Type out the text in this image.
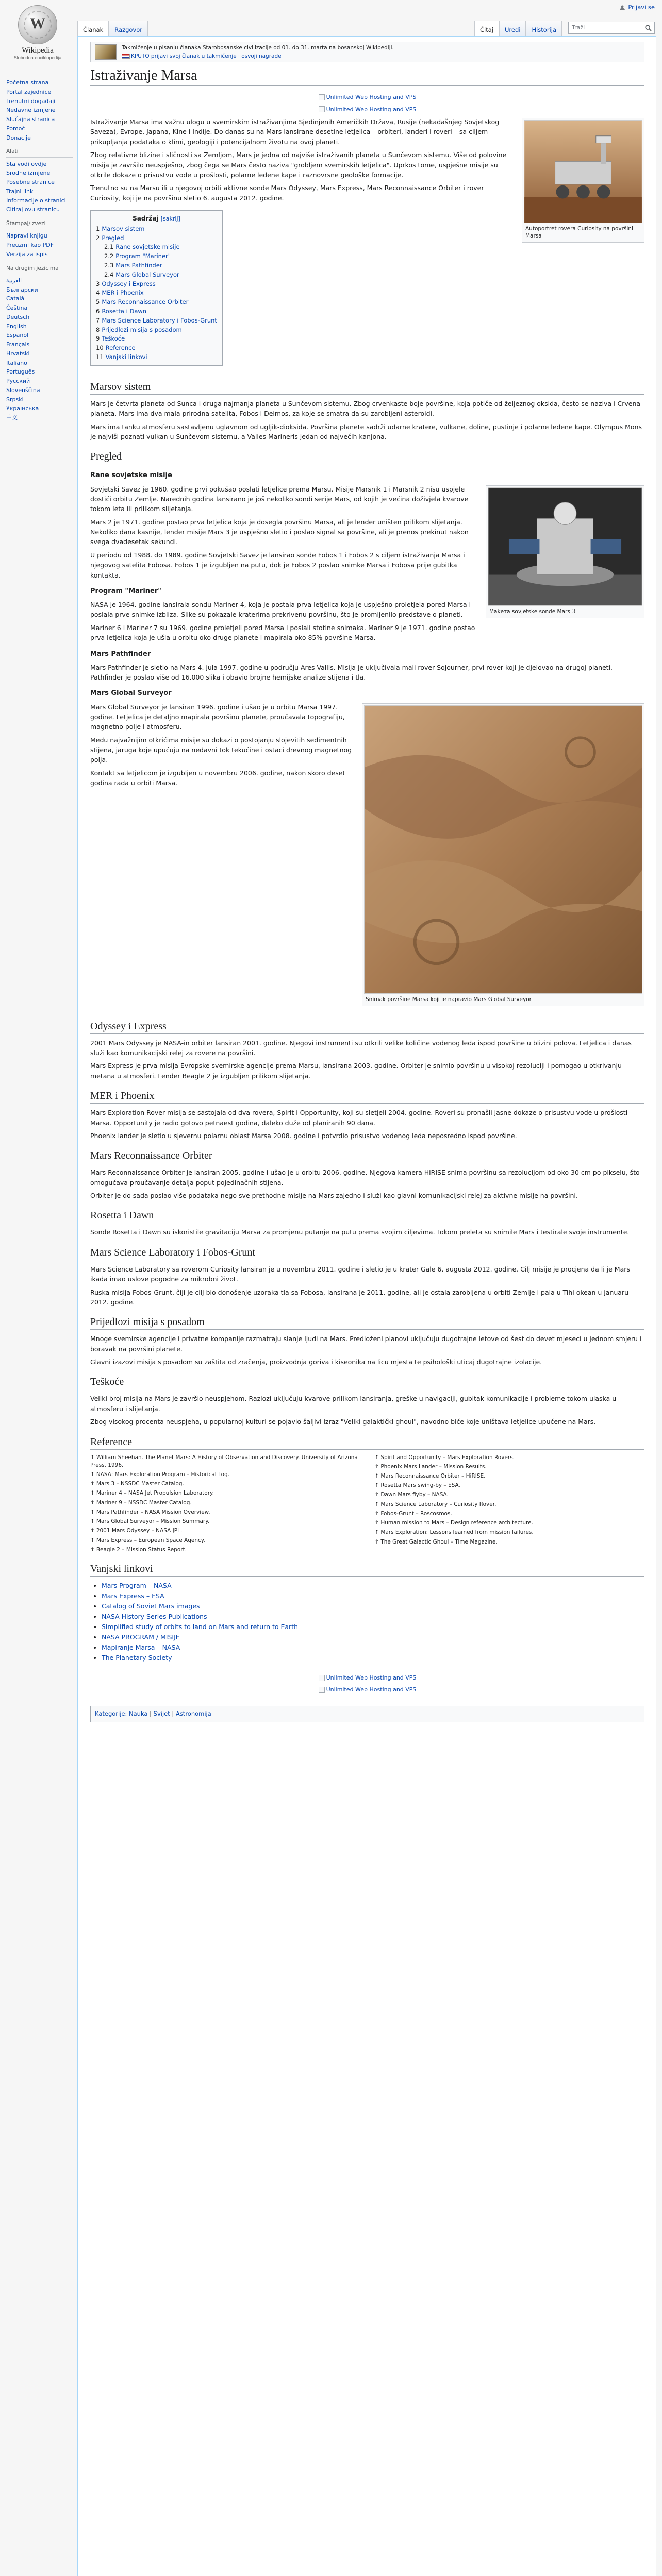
Prijavi se
Članak	Razgovor	Čitaj	Uredi	Historija	Traži
W
Wikipedia
Slobodna enciklopedija
Početna strana
Portal zajednice
Trenutni događaji
Nedavne izmjene
Slučajna stranica
Pomoć
Donacije
Alati
Šta vodi ovdje
Srodne izmjene
Posebne stranice
Trajni link
Informacije o stranici
Citiraj ovu stranicu
Štampaj/izvezi
Napravi knjigu
Preuzmi kao PDF
Verzija za ispis
Na drugim jezicima
العربية
Български
Català
Čeština
Deutsch
English
Español
Français
Hrvatski
Italiano
Português
Русский
Slovenščina
Srpski
Українська
中文
Takmičenje u pisanju članaka Starobosanske civilizacije od 01. do 31. marta na bosanskoj Wikipediji.
KPUTO prijavi svoj članak u takmičenje i osvoji nagrade
Istraživanje Marsa
Unlimited Web Hosting and VPS
Unlimited Web Hosting and VPS
Autoportret rovera Curiosity na površini Marsa

Istraživanje Marsa ima važnu ulogu u svemirskim istraživanjima Sjedinjenih Američkih Država, Rusije (nekadašnjeg Sovjetskog Saveza), Evrope, Japana, Kine i Indije. Do danas su na Mars lansirane desetine letjelica – orbiteri, landeri i roveri – sa ciljem prikupljanja podataka o klimi, geologiji i potencijalnom životu na ovoj planeti.

Zbog relativne blizine i sličnosti sa Zemljom, Mars je jedna od najviše istraživanih planeta u Sunčevom sistemu. Više od polovine misija je završilo neuspješno, zbog čega se Mars često naziva "grobljem svemirskih letjelica". Uprkos tome, uspješne misije su otkrile dokaze o prisustvu vode u prošlosti, polarne ledene kape i raznovrsne geološke formacije.

Trenutno su na Marsu ili u njegovoj orbiti aktivne sonde Mars Odyssey, Mars Express, Mars Reconnaissance Orbiter i rover Curiosity, koji je na površinu sletio 6. augusta 2012. godine.

Sadržaj [sakrij]
1 Marsov sistem
2 Pregled
2.1 Rane sovjetske misije
2.2 Program "Mariner"
2.3 Mars Pathfinder
2.4 Mars Global Surveyor
3 Odyssey i Express
4 MER i Phoenix
5 Mars Reconnaissance Orbiter
6 Rosetta i Dawn
7 Mars Science Laboratory i Fobos-Grunt
8 Prijedlozi misija s posadom
9 Teškoće
10 Reference
11 Vanjski linkovi
Marsov sistem

Mars je četvrta planeta od Sunca i druga najmanja planeta u Sunčevom sistemu. Zbog crvenkaste boje površine, koja potiče od željeznog oksida, često se naziva i Crvena planeta. Mars ima dva mala prirodna satelita, Fobos i Deimos, za koje se smatra da su zarobljeni asteroidi.

Mars ima tanku atmosferu sastavljenu uglavnom od ugljik-dioksida. Površina planete sadrži udarne kratere, vulkane, doline, pustinje i polarne ledene kape. Olympus Mons je najviši poznati vulkan u Sunčevom sistemu, a Valles Marineris jedan od najvećih kanjona.

Pregled
Rane sovjetske misije
Makета sovjetske sonde Mars 3

Sovjetski Savez je 1960. godine prvi pokušao poslati letjelice prema Marsu. Misije Marsnik 1 i Marsnik 2 nisu uspjele dostići orbitu Zemlje. Narednih godina lansirano je još nekoliko sondi serije Mars, od kojih je većina doživjela kvarove tokom leta ili prilikom slijetanja.

Mars 2 je 1971. godine postao prva letjelica koja je dosegla površinu Marsa, ali je lender uništen prilikom slijetanja. Nekoliko dana kasnije, lender misije Mars 3 je uspješno sletio i poslao signal sa površine, ali je prenos prekinut nakon svega dvadesetak sekundi.

U periodu od 1988. do 1989. godine Sovjetski Savez je lansirao sonde Fobos 1 i Fobos 2 s ciljem istraživanja Marsa i njegovog satelita Fobosa. Fobos 1 je izgubljen na putu, dok je Fobos 2 poslao snimke Marsa i Fobosa prije gubitka kontakta.

Program "Mariner"

NASA je 1964. godine lansirala sondu Mariner 4, koja je postala prva letjelica koja je uspješno proletjela pored Marsa i poslala prve snimke izbliza. Slike su pokazale kraterima prekrivenu površinu, što je promijenilo predstave o planeti.

Mariner 6 i Mariner 7 su 1969. godine proletjeli pored Marsa i poslali stotine snimaka. Mariner 9 je 1971. godine postao prva letjelica koja je ušla u orbitu oko druge planete i mapirala oko 85% površine Marsa.

Mars Pathfinder

Mars Pathfinder je sletio na Mars 4. jula 1997. godine u području Ares Vallis. Misija je uključivala mali rover Sojourner, prvi rover koji je djelovao na drugoj planeti. Pathfinder je poslao više od 16.000 slika i obavio brojne hemijske analize stijena i tla.

Mars Global Surveyor
Snimak površine Marsa koji je napravio Mars Global Surveyor

Mars Global Surveyor je lansiran 1996. godine i ušao je u orbitu Marsa 1997. godine. Letjelica je detaljno mapirala površinu planete, proučavala topografiju, magnetno polje i atmosferu.

Među najvažnijim otkrićima misije su dokazi o postojanju slojevitih sedimentnih stijena, jaruga koje upućuju na nedavni tok tekućine i ostaci drevnog magnetnog polja.

Kontakt sa letjelicom je izgubljen u novembru 2006. godine, nakon skoro deset godina rada u orbiti Marsa.

Odyssey i Express

2001 Mars Odyssey je NASA-in orbiter lansiran 2001. godine. Njegovi instrumenti su otkrili velike količine vodenog leda ispod površine u blizini polova. Letjelica i danas služi kao komunikacijski relej za rovere na površini.

Mars Express je prva misija Evropske svemirske agencije prema Marsu, lansirana 2003. godine. Orbiter je snimio površinu u visokoj rezoluciji i pomogao u otkrivanju metana u atmosferi. Lender Beagle 2 je izgubljen prilikom slijetanja.

MER i Phoenix

Mars Exploration Rover misija se sastojala od dva rovera, Spirit i Opportunity, koji su sletjeli 2004. godine. Roveri su pronašli jasne dokaze o prisustvu vode u prošlosti Marsa. Opportunity je radio gotovo petnaest godina, daleko duže od planiranih 90 dana.

Phoenix lander je sletio u sjevernu polarnu oblast Marsa 2008. godine i potvrdio prisustvo vodenog leda neposredno ispod površine.

Mars Reconnaissance Orbiter

Mars Reconnaissance Orbiter je lansiran 2005. godine i ušao je u orbitu 2006. godine. Njegova kamera HiRISE snima površinu sa rezolucijom od oko 30 cm po pikselu, što omogućava proučavanje detalja poput pojedinačnih stijena.

Orbiter je do sada poslao više podataka nego sve prethodne misije na Mars zajedno i služi kao glavni komunikacijski relej za aktivne misije na površini.

Rosetta i Dawn

Sonde Rosetta i Dawn su iskoristile gravitaciju Marsa za promjenu putanje na putu prema svojim ciljevima. Tokom preleta su snimile Mars i testirale svoje instrumente.

Mars Science Laboratory i Fobos-Grunt

Mars Science Laboratory sa roverom Curiosity lansiran je u novembru 2011. godine i sletio je u krater Gale 6. augusta 2012. godine. Cilj misije je procjena da li je Mars ikada imao uslove pogodne za mikrobni život.

Ruska misija Fobos-Grunt, čiji je cilj bio donošenje uzoraka tla sa Fobosa, lansirana je 2011. godine, ali je ostala zarobljena u orbiti Zemlje i pala u Tihi okean u januaru 2012. godine.

Prijedlozi misija s posadom

Mnoge svemirske agencije i privatne kompanije razmatraju slanje ljudi na Mars. Predloženi planovi uključuju dugotrajne letove od šest do devet mjeseci u jednom smjeru i boravak na površini planete.

Glavni izazovi misija s posadom su zaštita od zračenja, proizvodnja goriva i kiseonika na licu mjesta te psihološki uticaj dugotrajne izolacije.

Teškoće

Veliki broj misija na Mars je završio neuspjehom. Razlozi uključuju kvarove prilikom lansiranja, greške u navigaciji, gubitak komunikacije i probleme tokom ulaska u atmosferu i slijetanja.

Zbog visokog procenta neuspjeha, u popularnoj kulturi se pojavio šaljivi izraz "Veliki galaktički ghoul", navodno biće koje uništava letjelice upućene na Mars.

Reference
↑ William Sheehan. The Planet Mars: A History of Observation and Discovery. University of Arizona Press, 1996.
↑ NASA: Mars Exploration Program – Historical Log.
↑ Mars 3 – NSSDC Master Catalog.
↑ Mariner 4 – NASA Jet Propulsion Laboratory.
↑ Mariner 9 – NSSDC Master Catalog.
↑ Mars Pathfinder – NASA Mission Overview.
↑ Mars Global Surveyor – Mission Summary.
↑ 2001 Mars Odyssey – NASA JPL.
↑ Mars Express – European Space Agency.
↑ Beagle 2 – Mission Status Report.
↑ Spirit and Opportunity – Mars Exploration Rovers.
↑ Phoenix Mars Lander – Mission Results.
↑ Mars Reconnaissance Orbiter – HiRISE.
↑ Rosetta Mars swing-by – ESA.
↑ Dawn Mars flyby – NASA.
↑ Mars Science Laboratory – Curiosity Rover.
↑ Fobos-Grunt – Roscosmos.
↑ Human mission to Mars – Design reference architecture.
↑ Mars Exploration: Lessons learned from mission failures.
↑ The Great Galactic Ghoul – Time Magazine.
Vanjski linkovi
• Mars Program – NASA
• Mars Express – ESA
• Catalog of Soviet Mars images
• NASA History Series Publications
• Simplified study of orbits to land on Mars and return to Earth
• NASA PROGRAM / MISIJE
• Mapiranje Marsa – NASA
• The Planetary Society
Unlimited Web Hosting and VPS
Unlimited Web Hosting and VPS
Kategorije: Nauka | Svijet | Astronomija
